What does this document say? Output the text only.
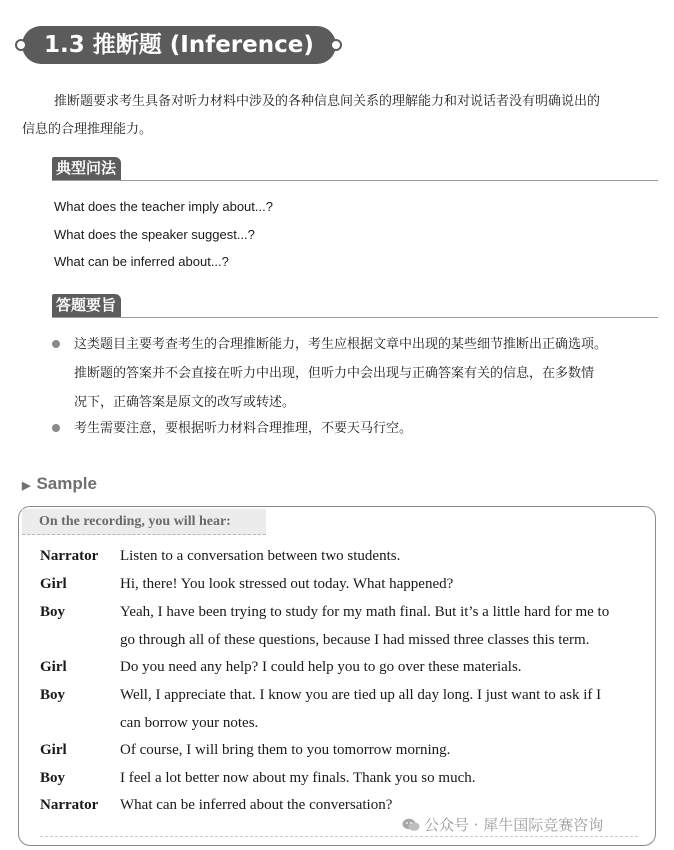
1.3 推断题 (Inference)
推断题要求考生具备对听力材料中涉及的各种信息间关系的理解能力和对说话者没有明确说出的
信息的合理推理能力。
典型问法
What does the teacher imply about...?
What does the speaker suggest...?
What can be inferred about...?
答题要旨
这类题目主要考查考生的合理推断能力，考生应根据文章中出现的某些细节推断出正确选项。
推断题的答案并不会直接在听力中出现，但听力中会出现与正确答案有关的信息，在多数情
况下，正确答案是原文的改写或转述。
考生需要注意，要根据听力材料合理推理，不要天马行空。
▶ Sample
On the recording, you will hear:
Narrator Listen to a conversation between two students.
Girl	Hi, there! You look stressed out today. What happened?
Boy	Yeah, I have been trying to study for my math final. But it’s a little hard for me to
go through all of these questions, because I had missed three classes this term.
Girl	Do you need any help? I could help you to go over these materials.
Boy	Well, I appreciate that. I know you are tied up all day long. I just want to ask if I
can borrow your notes.
Girl	Of course, I will bring them to you tomorrow morning.
Boy	I feel a lot better now about my finals. Thank you so much.
Narrator What can be inferred about the conversation?
公众号 · 犀牛国际竞赛咨询
